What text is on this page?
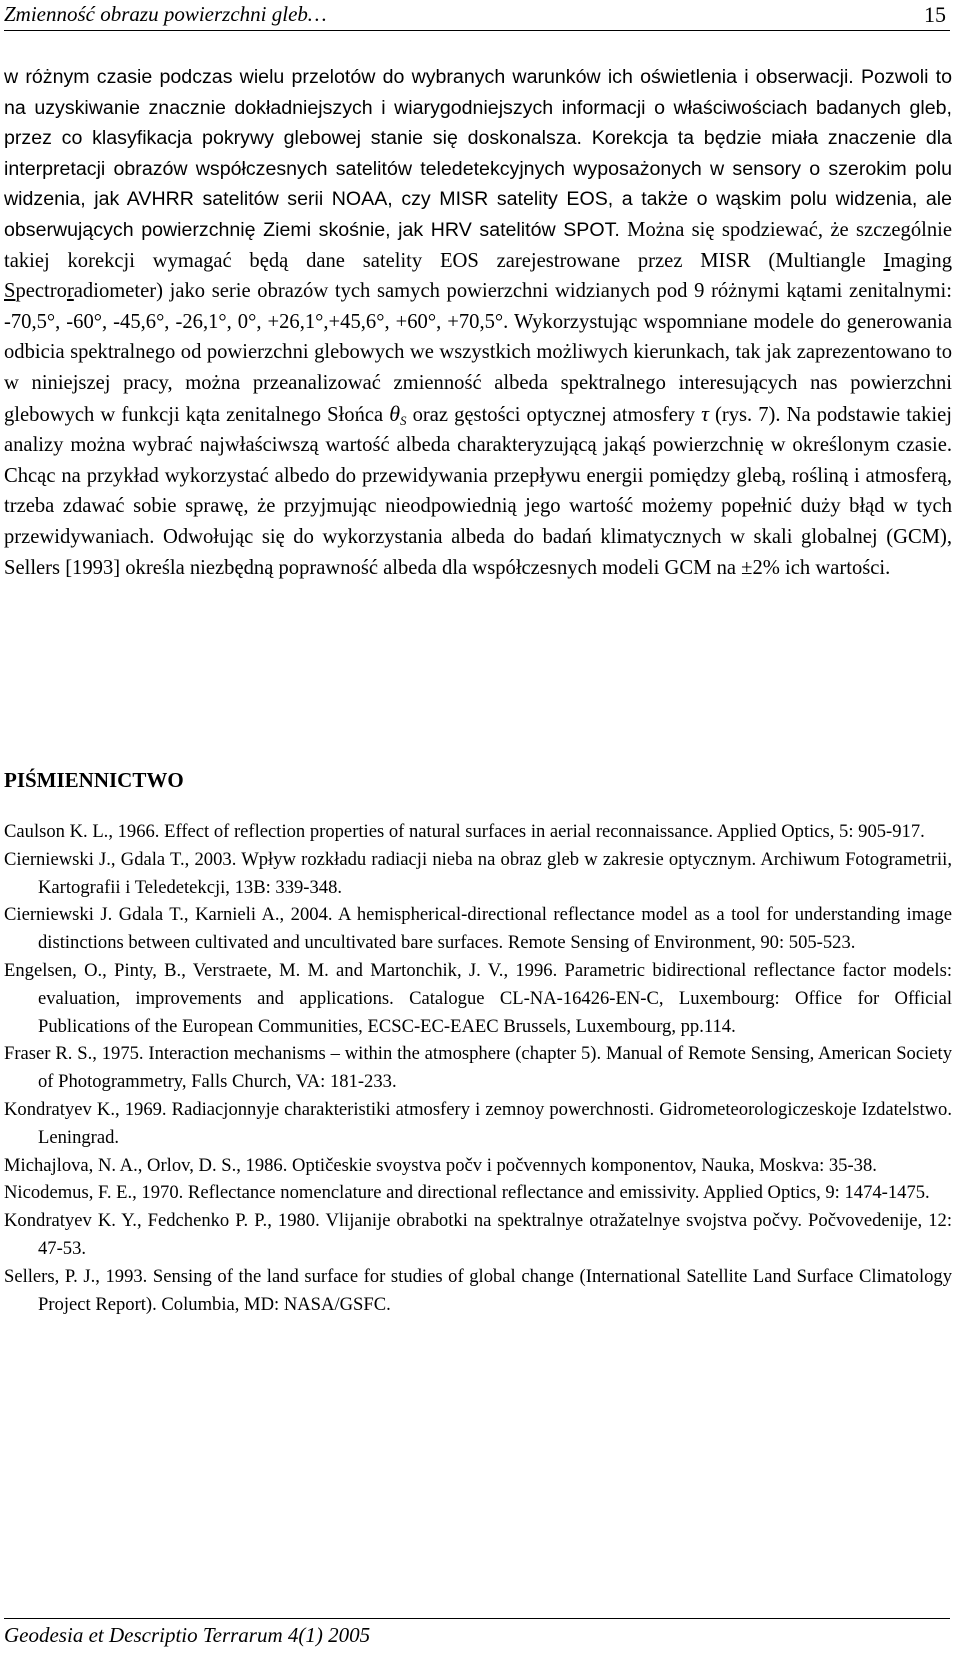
Zmienność obrazu powierzchni gleb…	15

w różnym czasie podczas wielu przelotów do wybranych warunków ich oświetlenia i obserwacji. Pozwoli to na uzyskiwanie znacznie dokładniejszych i wiarygodniejszych informacji o właściwościach badanych gleb, przez co klasyfikacja pokrywy glebowej stanie się doskonalsza. Korekcja ta będzie miała znaczenie dla interpretacji obrazów współczesnych satelitów teledetekcyjnych wyposażonych w sensory o szerokim polu widzenia, jak AVHRR satelitów serii NOAA, czy MISR satelity EOS, a także o wąskim polu widzenia, ale obserwujących powierzchnię Ziemi skośnie, jak HRV satelitów SPOT. Można się spodziewać, że szczególnie takiej korekcji wymagać będą dane satelity EOS zarejestrowane przez MISR (Multiangle Imaging Spectroradiometer) jako serie obrazów tych samych powierzchni widzianych pod 9 różnymi kątami zenitalnymi: -70,5°, -60°, -45,6°, -26,1°, 0°, +26,1°,+45,6°, +60°, +70,5°. Wykorzystując wspomniane modele do generowania odbicia spektralnego od powierzchni glebowych we wszystkich możliwych kierunkach, tak jak zaprezentowano to w niniejszej pracy, można przeanalizować zmienność albeda spektralnego interesujących nas powierzchni glebowych w funkcji kąta zenitalnego Słońca $\theta_S$ oraz gęstości optycznej atmosfery τ (rys. 7). Na podstawie takiej analizy można wybrać najwłaściwszą wartość albeda charakteryzującą jakąś powierzchnię w określonym czasie. Chcąc na przykład wykorzystać albedo do przewidywania przepływu energii pomiędzy glebą, rośliną i atmosferą, trzeba zdawać sobie sprawę, że przyjmując nieodpowiednią jego wartość możemy popełnić duży błąd w tych przewidywaniach. Odwołując się do wykorzystania albeda do badań klimatycznych w skali globalnej (GCM), Sellers [1993] określa niezbędną poprawność albeda dla współczesnych modeli GCM na ±2% ich wartości.

PIŚMIENNICTWO
Caulson K. L., 1966. Effect of reflection properties of natural surfaces in aerial reconnaissance. Applied Optics, 5: 905-917.
Cierniewski J., Gdala T., 2003. Wpływ rozkładu radiacji nieba na obraz gleb w zakresie optycznym. Archiwum Fotogrametrii, Kartografii i Teledetekcji, 13B: 339-348.
Cierniewski J. Gdala T., Karnieli A., 2004. A hemispherical-directional reflectance model as a tool for understanding image distinctions between cultivated and uncultivated bare surfaces. Remote Sensing of Environment, 90: 505-523.
Engelsen, O., Pinty, B., Verstraete, M. M. and Martonchik, J. V., 1996. Parametric bidirectional reflectance factor models: evaluation, improvements and applications. Catalogue CL-NA-16426-EN-C, Luxembourg: Office for Official Publications of the European Communities, ECSC-EC-EAEC Brussels, Luxembourg, pp.114.
Fraser R. S., 1975. Interaction mechanisms – within the atmosphere (chapter 5). Manual of Remote Sensing, American Society of Photogrammetry, Falls Church, VA: 181-233.
Kondratyev K., 1969. Radiacjonnyje charakteristiki atmosfery i zemnoy powerchnosti. Gidrometeorologiczeskoje Izdatelstwo. Leningrad.
Michajlova, N. A., Orlov, D. S., 1986. Optičeskie svoystva počv i počvennych komponentov, Nauka, Moskva: 35-38.
Nicodemus, F. E., 1970. Reflectance nomenclature and directional reflectance and emissivity. Applied Optics, 9: 1474-1475.
Kondratyev K. Y., Fedchenko P. P., 1980. Vlijanije obrabotki na spektralnye otražatelnye svojstva počvy. Počvovedenije, 12: 47-53.
Sellers, P. J., 1993. Sensing of the land surface for studies of global change (International Satellite Land Surface Climatology Project Report). Columbia, MD: NASA/GSFC.
Geodesia et Descriptio Terrarum 4(1) 2005
